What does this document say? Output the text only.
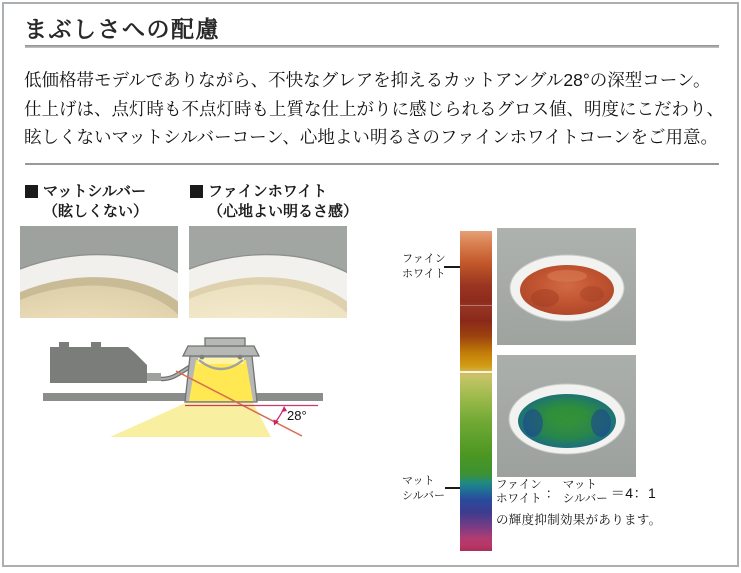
まぶしさへの配慮
低価格帯モデルでありながら、不快なグレアを抑えるカットアングル28°の深型コーン。
仕上げは、点灯時も不点灯時も上質な仕上がりに感じられるグロス値、明度にこだわり、
眩しくないマットシルバーコーン、心地よい明るさのファインホワイトコーンをご用意。
マットシルバー
（眩しくない）
ファインホワイト
（心地よい明るさ感）
28°
ファイン
ホワイト
マット
シルバー
ファイン
ホワイト ：
マット
シルバー ＝4：1
の輝度抑制効果があります。
